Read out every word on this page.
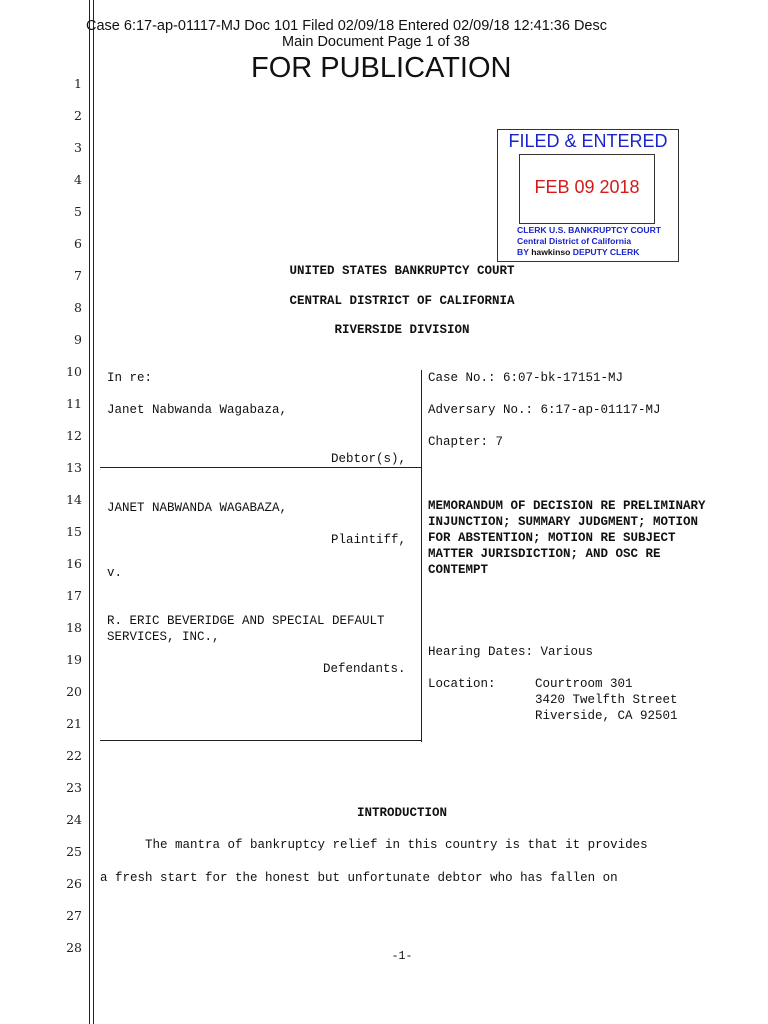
Case 6:17-ap-01117-MJ Doc 101 Filed 02/09/18 Entered 02/09/18 12:41:36 Desc
Main Document Page 1 of 38
FOR PUBLICATION
1
2
3
4
5
6
7
8
9
10
11
12
13
14
15
16
17
18
19
20
21
22
23
24
25
26
27
28
FILED & ENTERED
FEB 09 2018
CLERK U.S. BANKRUPTCY COURT
Central District of California
BY hawkinso DEPUTY CLERK
UNITED STATES BANKRUPTCY COURT
CENTRAL DISTRICT OF CALIFORNIA
RIVERSIDE DIVISION
In re:
Janet Nabwanda Wagabaza,
Debtor(s),
JANET NABWANDA WAGABAZA,
Plaintiff,
v.
R. ERIC BEVERIDGE AND SPECIAL DEFAULT
SERVICES, INC.,
Defendants.
Case No.: 6:07-bk-17151-MJ
Adversary No.: 6:17-ap-01117-MJ
Chapter: 7
MEMORANDUM OF DECISION RE PRELIMINARY
INJUNCTION; SUMMARY JUDGMENT; MOTION
FOR ABSTENTION; MOTION RE SUBJECT
MATTER JURISDICTION; AND OSC RE
CONTEMPT
Hearing Dates: Various
Location:	Courtroom 301
3420 Twelfth Street
Riverside, CA 92501
INTRODUCTION
The mantra of bankruptcy relief in this country is that it provides
a fresh start for the honest but unfortunate debtor who has fallen on
-1-
